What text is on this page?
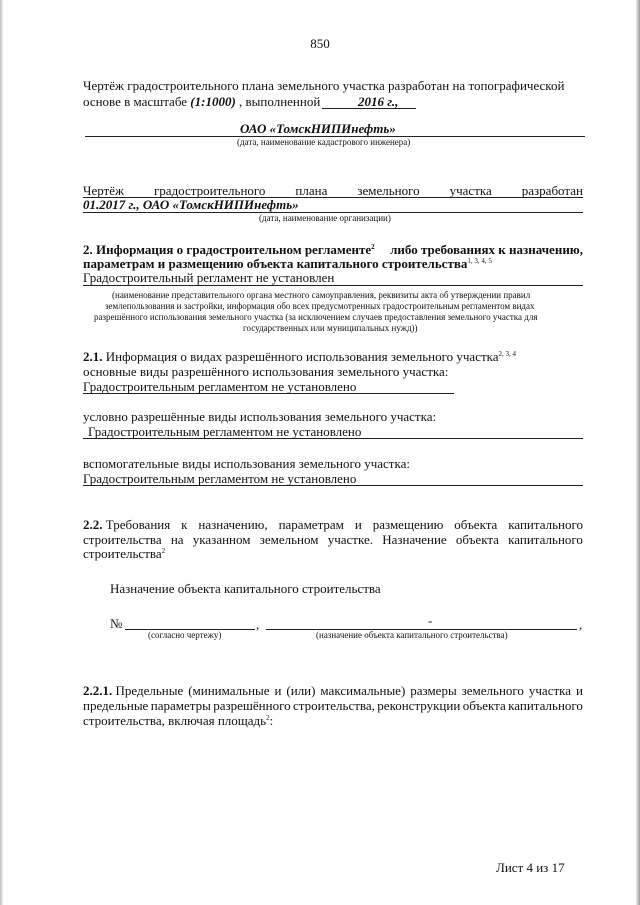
850
Чертёж градостроительного плана земельного участка разработан на топографической
основе в масштабе (1:1000) , выполненной	2016 г.,
ОАО «ТомскНИПИнефть»
(дата, наименование кадастрового инженера)
Чертёж градостроительного плана земельного участка разработан
01.2017 г., ОАО «ТомскНИПИнефть»
(дата, наименование организации)
2. Информация о градостроительном регламенте$^2$ либо требованиях к назначению,
параметрам и размещению объекта капитального строительства$^{1, 3, 4, 5}$
Градостроительный регламент не установлен
(наименование представительного органа местного самоуправления, реквизиты акта об утверждении правил
землепользования и застройки, информация обо всех предусмотренных градостроительным регламентом видах
разрешённого использования земельного участка (за исключением случаев предоставления земельного участка для
государственных или муниципальных нужд))
2.1. Информация о видах разрешённого использования земельного участка$^{2, 3, 4}$
основные виды разрешённого использования земельного участка:
Градостроительным регламентом не установлено
условно разрешённые виды использования земельного участка:
Градостроительным регламентом не установлено
вспомогательные виды использования земельного участка:
Градостроительным регламентом не установлено
2.2. Требования к назначению, параметрам и размещению объекта капитального
строительства на указанном земельном участке. Назначение объекта капитального
строительства$^2$
Назначение объекта капитального строительства
№	,	-	,
(согласно чертежу)	(назначение объекта капитального строительства)
2.2.1. Предельные (минимальные и (или) максимальные) размеры земельного участка и
предельные параметры разрешённого строительства, реконструкции объекта капитального
строительства, включая площадь$^2$:
Лист 4 из 17
